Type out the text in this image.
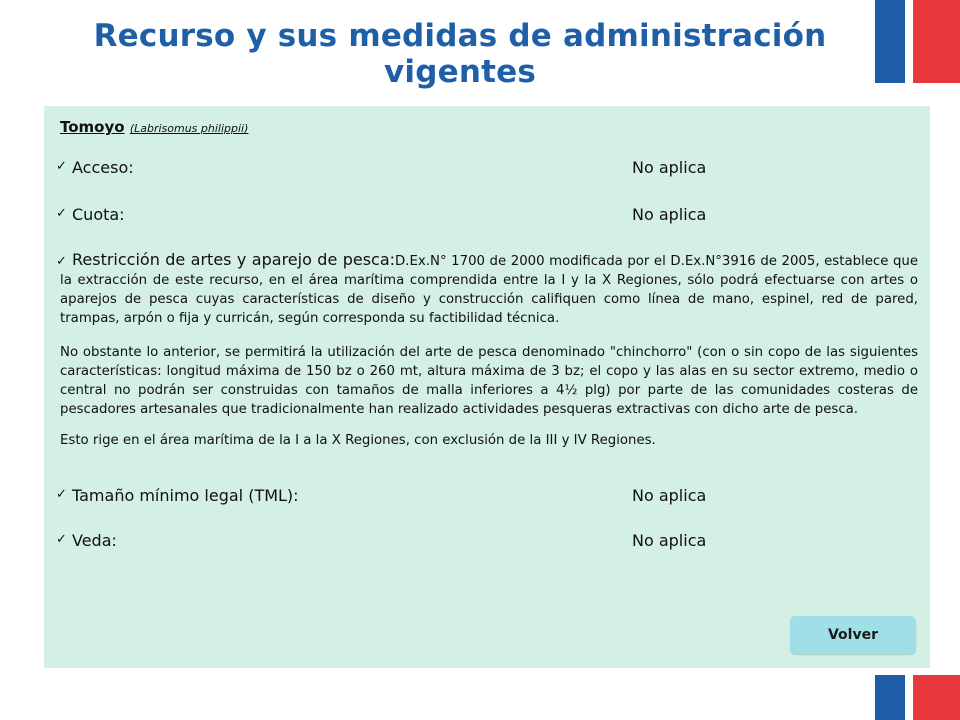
Recurso y sus medidas de administración vigentes
Tomoyo (Labrisomus philippii)
✓ Acceso:	No aplica
✓ Cuota:	No aplica

✓ Restricción de artes y aparejo de pesca:D.Ex.N° 1700 de 2000 modificada por el D.Ex.N°3916 de 2005, establece que la extracción de este recurso, en el área marítima comprendida entre la I y la X Regiones, sólo podrá efectuarse con artes o aparejos de pesca cuyas características de diseño y construcción califiquen como línea de mano, espinel, red de pared, trampas, arpón o fija y curricán, según corresponda su factibilidad técnica.

No obstante lo anterior, se permitirá la utilización del arte de pesca denominado "chinchorro" (con o sin copo de las siguientes características: longitud máxima de 150 bz o 260 mt, altura máxima de 3 bz; el copo y las alas en su sector extremo, medio o central no podrán ser construidas con tamaños de malla inferiores a 4½ plg) por parte de las comunidades costeras de pescadores artesanales que tradicionalmente han realizado actividades pesqueras extractivas con dicho arte de pesca.

Esto rige en el área marítima de la I a la X Regiones, con exclusión de la III y IV Regiones.

✓ Tamaño mínimo legal (TML):	No aplica
✓ Veda:	No aplica
Volver
